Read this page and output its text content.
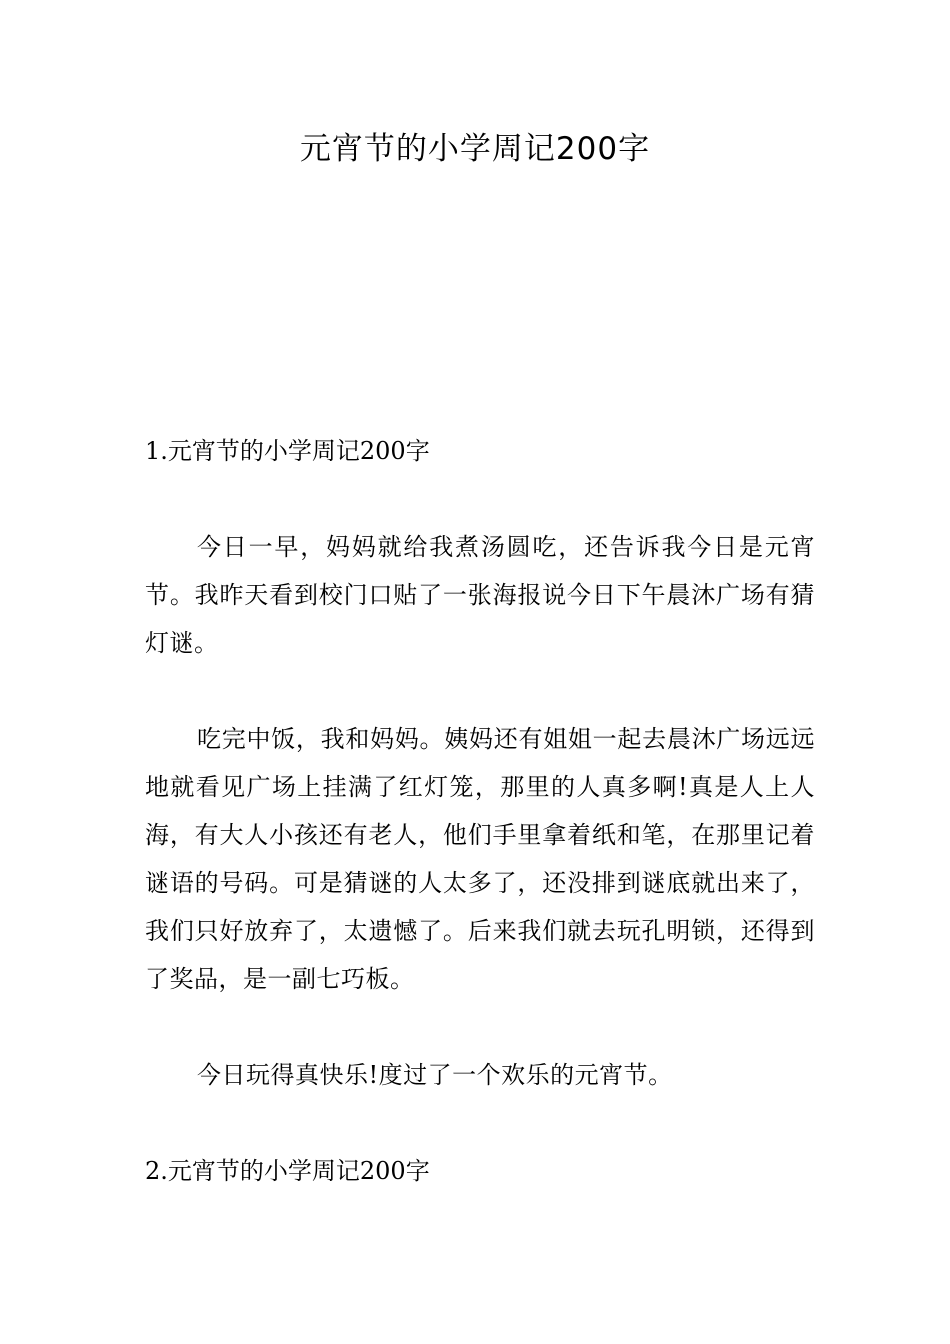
元宵节的小学周记200字
1.元宵节的小学周记200字

今日一早，妈妈就给我煮汤圆吃，还告诉我今日是元宵节。我昨天看到校门口贴了一张海报说今日下午晨沐广场有猜灯谜。

吃完中饭，我和妈妈。姨妈还有姐姐一起去晨沐广场远远地就看见广场上挂满了红灯笼，那里的人真多啊!真是人上人海，有大人小孩还有老人，他们手里拿着纸和笔，在那里记着谜语的号码。可是猜谜的人太多了，还没排到谜底就出来了，我们只好放弃了，太遗憾了。后来我们就去玩孔明锁，还得到了奖品，是一副七巧板。

今日玩得真快乐!度过了一个欢乐的元宵节。

2.元宵节的小学周记200字
